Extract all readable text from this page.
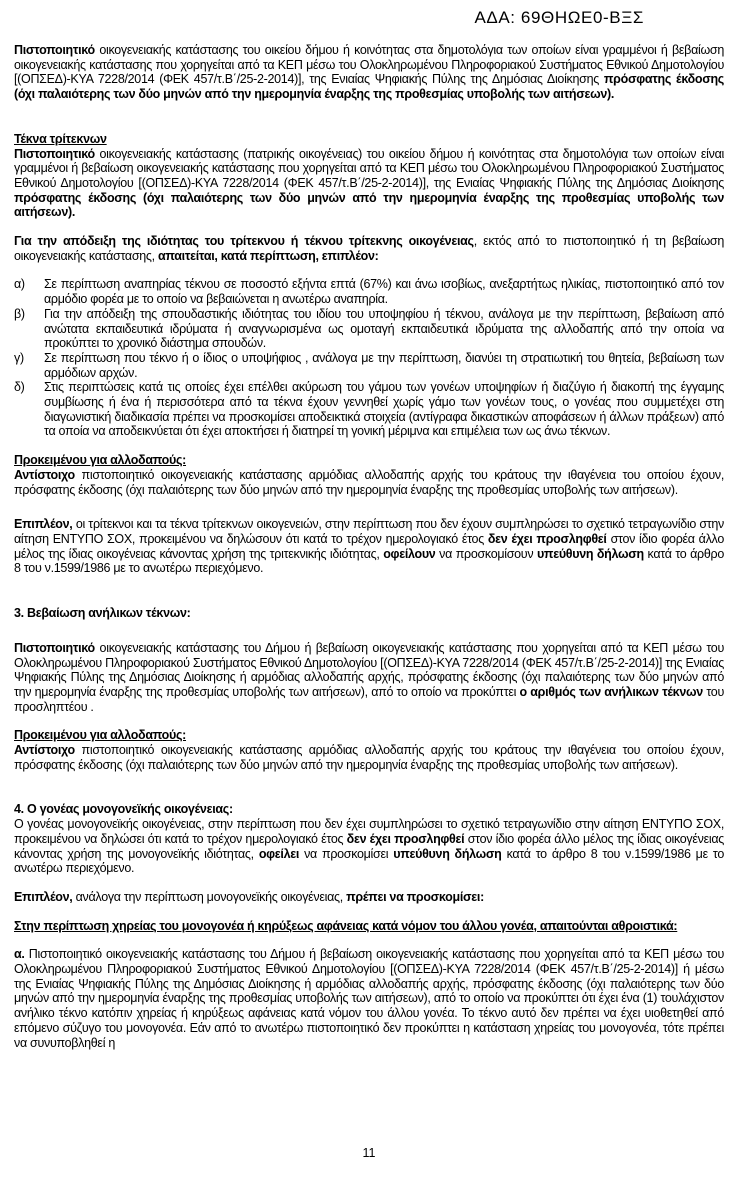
ΑΔΑ: 69ΘΗΩΕ0-ΒΞΣ

Πιστοποιητικό οικογενειακής κατάστασης του οικείου δήμου ή κοινότητας στα δημοτολόγια των οποίων είναι γραμμένοι ή βεβαίωση οικογενειακής κατάστασης που χορηγείται από τα ΚΕΠ μέσω του Ολοκληρωμένου Πληροφοριακού Συστήματος Εθνικού Δημοτολογίου [(ΟΠΣΕΔ)-ΚΥΑ 7228/2014 (ΦΕΚ 457/τ.Β΄/25-2-2014)], της Ενιαίας Ψηφιακής Πύλης της Δημόσιας Διοίκησης πρόσφατης έκδοσης (όχι παλαιότερης των δύο μηνών από την ημερομηνία έναρξης της προθεσμίας υποβολής των αιτήσεων).

Τέκνα τρίτεκνων

Πιστοποιητικό οικογενειακής κατάστασης (πατρικής οικογένειας) του οικείου δήμου ή κοινότητας στα δημοτολόγια των οποίων είναι γραμμένοι ή βεβαίωση οικογενειακής κατάστασης που χορηγείται από τα ΚΕΠ μέσω του Ολοκληρωμένου Πληροφοριακού Συστήματος Εθνικού Δημοτολογίου [(ΟΠΣΕΔ)-ΚΥΑ 7228/2014 (ΦΕΚ 457/τ.Β΄/25-2-2014)], της Ενιαίας Ψηφιακής Πύλης της Δημόσιας Διοίκησης πρόσφατης έκδοσης (όχι παλαιότερης των δύο μηνών από την ημερομηνία έναρξης της προθεσμίας υποβολής των αιτήσεων).

Για την απόδειξη της ιδιότητας του τρίτεκνου ή τέκνου τρίτεκνης οικογένειας, εκτός από το πιστοποιητικό ή τη βεβαίωση οικογενειακής κατάστασης, απαιτείται, κατά περίπτωση, επιπλέον:

α) Σε περίπτωση αναπηρίας τέκνου σε ποσοστό εξήντα επτά (67%) και άνω ισοβίως, ανεξαρτήτως ηλικίας, πιστοποιητικό από τον αρμόδιο φορέα με το οποίο να βεβαιώνεται η ανωτέρω αναπηρία.

β) Για την απόδειξη της σπουδαστικής ιδιότητας του ιδίου του υποψηφίου ή τέκνου, ανάλογα με την περίπτωση, βεβαίωση από ανώτατα εκπαιδευτικά ιδρύματα ή αναγνωρισμένα ως ομοταγή εκπαιδευτικά ιδρύματα της αλλοδαπής από την οποία να προκύπτει το χρονικό διάστημα σπουδών.

γ) Σε περίπτωση που τέκνο ή ο ίδιος ο υποψήφιος , ανάλογα με την περίπτωση, διανύει τη στρατιωτική του θητεία, βεβαίωση των αρμόδιων αρχών.

δ) Στις περιπτώσεις κατά τις οποίες έχει επέλθει ακύρωση του γάμου των γονέων υποψηφίων ή διαζύγιο ή διακοπή της έγγαμης συμβίωσης ή ένα ή περισσότερα από τα τέκνα έχουν γεννηθεί χωρίς γάμο των γονέων τους, ο γονέας που συμμετέχει στη διαγωνιστική διαδικασία πρέπει να προσκομίσει αποδεικτικά στοιχεία (αντίγραφα δικαστικών αποφάσεων ή άλλων πράξεων) από τα οποία να αποδεικνύεται ότι έχει αποκτήσει ή διατηρεί τη γονική μέριμνα και επιμέλεια των ως άνω τέκνων.

Προκειμένου για αλλοδαπούς:

Αντίστοιχο πιστοποιητικό οικογενειακής κατάστασης αρμόδιας αλλοδαπής αρχής του κράτους την ιθαγένεια του οποίου έχουν, πρόσφατης έκδοσης (όχι παλαιότερης των δύο μηνών από την ημερομηνία έναρξης της προθεσμίας υποβολής των αιτήσεων).

Επιπλέον, οι τρίτεκνοι και τα τέκνα τρίτεκνων οικογενειών, στην περίπτωση που δεν έχουν συμπληρώσει το σχετικό τετραγωνίδιο στην αίτηση ΕΝΤΥΠΟ ΣΟΧ, προκειμένου να δηλώσουν ότι κατά το τρέχον ημερολογιακό έτος δεν έχει προσληφθεί στον ίδιο φορέα άλλο μέλος της ίδιας οικογένειας κάνοντας χρήση της τριτεκνικής ιδιότητας, οφείλουν να προσκομίσουν υπεύθυνη δήλωση κατά το άρθρο 8 του ν.1599/1986 με το ανωτέρω περιεχόμενο.

3. Βεβαίωση ανήλικων τέκνων:

Πιστοποιητικό οικογενειακής κατάστασης του Δήμου ή βεβαίωση οικογενειακής κατάστασης που χορηγείται από τα ΚΕΠ μέσω του Ολοκληρωμένου Πληροφοριακού Συστήματος Εθνικού Δημοτολογίου [(ΟΠΣΕΔ)-ΚΥΑ 7228/2014 (ΦΕΚ 457/τ.Β΄/25-2-2014)] της Ενιαίας Ψηφιακής Πύλης της Δημόσιας Διοίκησης ή αρμόδιας αλλοδαπής αρχής, πρόσφατης έκδοσης (όχι παλαιότερης των δύο μηνών από την ημερομηνία έναρξης της προθεσμίας υποβολής των αιτήσεων), από το οποίο να προκύπτει ο αριθμός των ανήλικων τέκνων του προσληπτέου .

Προκειμένου για αλλοδαπούς:

Αντίστοιχο πιστοποιητικό οικογενειακής κατάστασης αρμόδιας αλλοδαπής αρχής του κράτους την ιθαγένεια του οποίου έχουν, πρόσφατης έκδοσης (όχι παλαιότερης των δύο μηνών από την ημερομηνία έναρξης της προθεσμίας υποβολής των αιτήσεων).

4. Ο γονέας μονογονεϊκής οικογένειας:

Ο γονέας μονογονεϊκής οικογένειας, στην περίπτωση που δεν έχει συμπληρώσει το σχετικό τετραγωνίδιο στην αίτηση ΕΝΤΥΠΟ ΣΟΧ, προκειμένου να δηλώσει ότι κατά το τρέχον ημερολογιακό έτος δεν έχει προσληφθεί στον ίδιο φορέα άλλο μέλος της ίδιας οικογένειας κάνοντας χρήση της μονογονεϊκής ιδιότητας, οφείλει να προσκομίσει υπεύθυνη δήλωση κατά το άρθρο 8 του ν.1599/1986 με το ανωτέρω περιεχόμενο.

Επιπλέον, ανάλογα την περίπτωση μονογονεϊκής οικογένειας, πρέπει να προσκομίσει:

Στην περίπτωση χηρείας του μονογονέα ή κηρύξεως αφάνειας κατά νόμον του άλλου γονέα, απαιτούνται αθροιστικά:

α. Πιστοποιητικό οικογενειακής κατάστασης του Δήμου ή βεβαίωση οικογενειακής κατάστασης που χορηγείται από τα ΚΕΠ μέσω του Ολοκληρωμένου Πληροφοριακού Συστήματος Εθνικού Δημοτολογίου [(ΟΠΣΕΔ)-ΚΥΑ 7228/2014 (ΦΕΚ 457/τ.Β΄/25-2-2014)] ή μέσω της Ενιαίας Ψηφιακής Πύλης της Δημόσιας Διοίκησης ή αρμόδιας αλλοδαπής αρχής, πρόσφατης έκδοσης (όχι παλαιότερης των δύο μηνών από την ημερομηνία έναρξης της προθεσμίας υποβολής των αιτήσεων), από το οποίο να προκύπτει ότι έχει ένα (1) τουλάχιστον ανήλικο τέκνο κατόπιν χηρείας ή κηρύξεως αφάνειας κατά νόμον του άλλου γονέα. Το τέκνο αυτό δεν πρέπει να έχει υιοθετηθεί από επόμενο σύζυγο του μονογονέα. Εάν από το ανωτέρω πιστοποιητικό δεν προκύπτει η κατάσταση χηρείας του μονογονέα, τότε πρέπει να συνυποβληθεί η

11
